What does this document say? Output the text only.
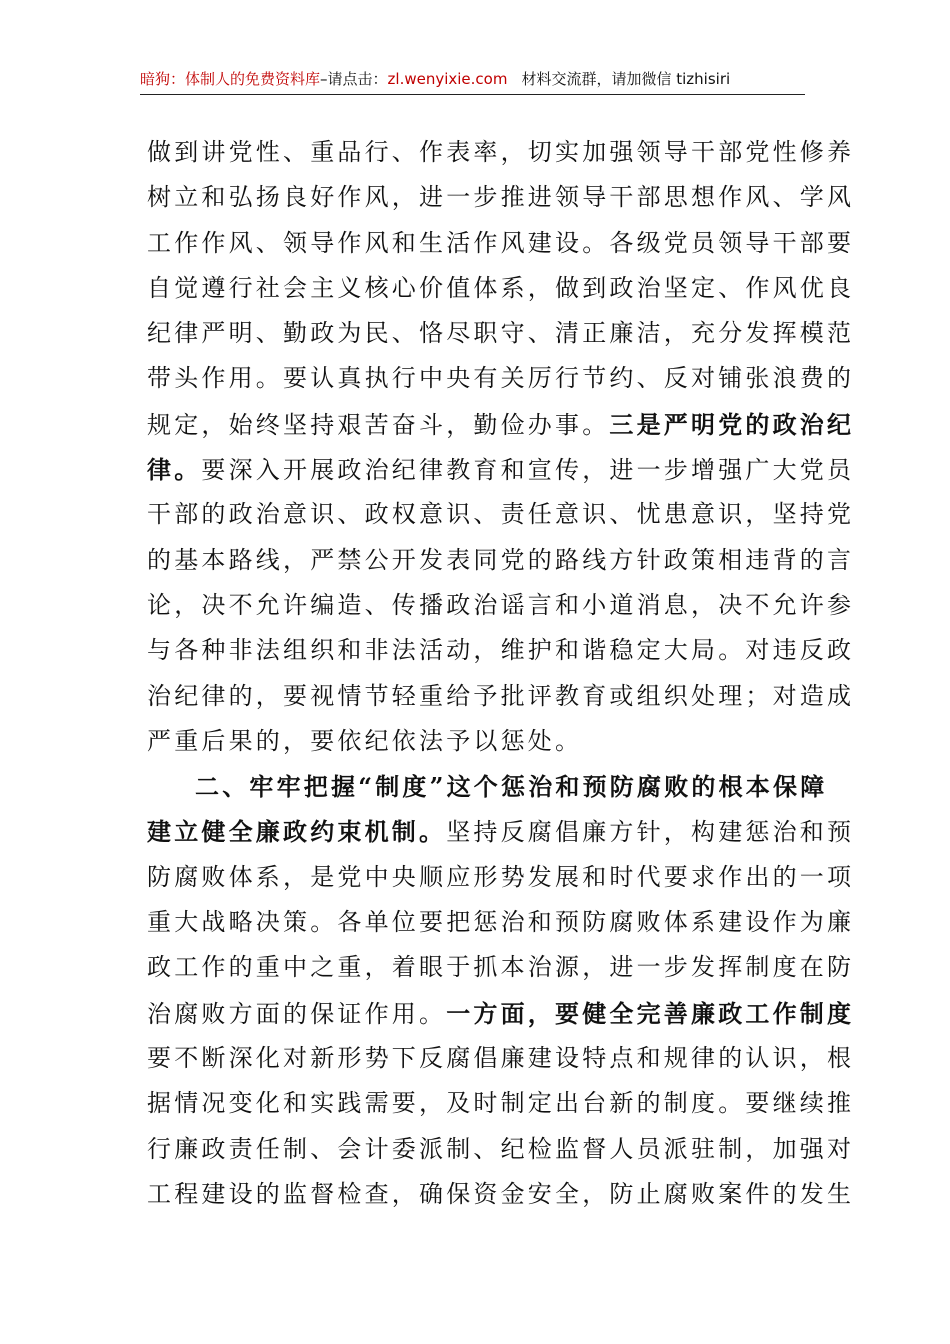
暗狗：体制人的免费资料库–请点击：zl.wenyixie.com 材料交流群，请加微信 tizhisiri
做到讲党性、重品行、作表率，切实加强领导干部党性修养
树立和弘扬良好作风，进一步推进领导干部思想作风、学风
工作作风、领导作风和生活作风建设。各级党员领导干部要
自觉遵行社会主义核心价值体系，做到政治坚定、作风优良
纪律严明、勤政为民、恪尽职守、清正廉洁，充分发挥模范
带头作用。要认真执行中央有关厉行节约、反对铺张浪费的
规定，始终坚持艰苦奋斗，勤俭办事。三是严明党的政治纪
律。要深入开展政治纪律教育和宣传，进一步增强广大党员
干部的政治意识、政权意识、责任意识、忧患意识，坚持党
的基本路线，严禁公开发表同党的路线方针政策相违背的言
论，决不允许编造、传播政治谣言和小道消息，决不允许参
与各种非法组织和非法活动，维护和谐稳定大局。对违反政
治纪律的，要视情节轻重给予批评教育或组织处理；对造成
严重后果的，要依纪依法予以惩处。
二、牢牢把握“制度”这个惩治和预防腐败的根本保障
建立健全廉政约束机制。坚持反腐倡廉方针，构建惩治和预
防腐败体系，是党中央顺应形势发展和时代要求作出的一项
重大战略决策。各单位要把惩治和预防腐败体系建设作为廉
政工作的重中之重，着眼于抓本治源，进一步发挥制度在防
治腐败方面的保证作用。一方面，要健全完善廉政工作制度
要不断深化对新形势下反腐倡廉建设特点和规律的认识，根
据情况变化和实践需要，及时制定出台新的制度。要继续推
行廉政责任制、会计委派制、纪检监督人员派驻制，加强对
工程建设的监督检查，确保资金安全，防止腐败案件的发生
